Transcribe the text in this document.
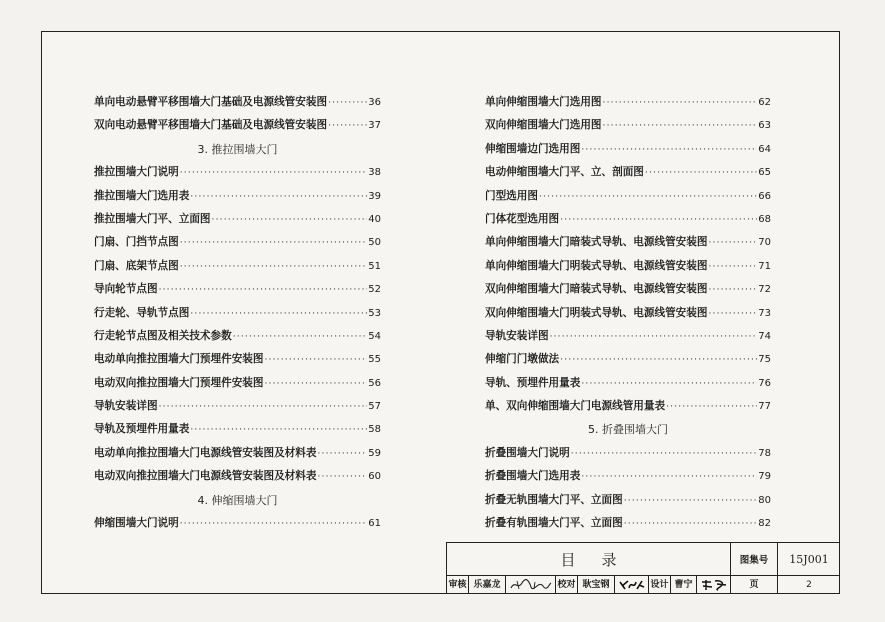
单向电动悬臂平移围墙大门基础及电源线管安装图 ·····	36
双向电动悬臂平移围墙大门基础及电源线管安装图 ·····	37
3. 推拉围墙大门
推拉围墙大门说明 ·····	38
推拉围墙大门选用表 ·····	39
推拉围墙大门平、立面图 ·····	40
门扇、门挡节点图 ·····	50
门扇、底架节点图 ·····	51
导向轮节点图 ·····	52
行走轮、导轨节点图 ·····	53
行走轮节点图及相关技术参数 ·····	54
电动单向推拉围墙大门预埋件安装图 ·····	55
电动双向推拉围墙大门预埋件安装图 ·····	56
导轨安装详图 ·····	57
导轨及预埋件用量表 ·····	58
电动单向推拉围墙大门电源线管安装图及材料表 ·····	59
电动双向推拉围墙大门电源线管安装图及材料表 ·····	60
4. 伸缩围墙大门
伸缩围墙大门说明 ·····	61
单向伸缩围墙大门选用图 ·····	62
双向伸缩围墙大门选用图 ·····	63
伸缩围墙边门选用图 ·····	64
电动伸缩围墙大门平、立、剖面图 ·····	65
门型选用图 ·····	66
门体花型选用图 ·····	68
单向伸缩围墙大门暗装式导轨、电源线管安装图 ·····	70
单向伸缩围墙大门明装式导轨、电源线管安装图 ·····	71
双向伸缩围墙大门暗装式导轨、电源线管安装图 ·····	72
双向伸缩围墙大门明装式导轨、电源线管安装图 ·····	73
导轨安装详图 ·····	74
伸缩门门墩做法 ·····	75
导轨、预埋件用量表 ·····	76
单、双向伸缩围墙大门电源线管用量表 ·····	77
5. 折叠围墙大门
折叠围墙大门说明 ·····	78
折叠围墙大门选用表 ·····	79
折叠无轨围墙大门平、立面图 ·····	80
折叠有轨围墙大门平、立面图 ·····	82
目录	图集号	15J001
审核 乐嘉龙	校对 耿宝钢	设计 曹宁	页	2
